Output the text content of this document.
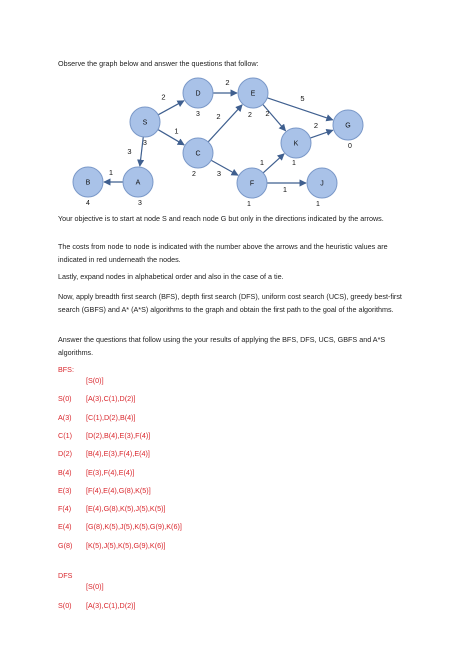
Observe the graph below and answer the questions that follow:
2
1
3
2
2
5
2
2
1
3
1
1
S
3
D
3
E
2
G
0
K
1
C
2
F
1
J
1
A
3
B
4
Your objective is to start at node S and reach node G but only in the directions indicated by the arrows.
The costs from node to node is indicated with the number above the arrows and the heuristic values are indicated in red underneath the nodes.
Lastly, expand nodes in alphabetical order and also in the case of a tie.
Now, apply breadth first search (BFS), depth first search (DFS), uniform cost search (UCS), greedy best-first search (GBFS) and A* (A*S) algorithms to the graph and obtain the first path to the goal of the algorithms.
Answer the questions that follow using the your results of applying the BFS, DFS, UCS, GBFS and A*S algorithms.
BFS:
[S(0)]
S(0) [A(3),C(1),D(2)]
A(3) [C(1),D(2),B(4)]
C(1) [D(2),B(4),E(3),F(4)]
D(2) [B(4),E(3),F(4),E(4)]
B(4) [E(3),F(4),E(4)]
E(3) [F(4),E(4),G(8),K(5)]
F(4) [E(4),G(8),K(5),J(5),K(5)]
E(4) [G(8),K(5),J(5),K(5),G(9),K(6)]
G(8) [K(5),J(5),K(5),G(9),K(6)]
DFS
[S(0)]
S(0) [A(3),C(1),D(2)]
